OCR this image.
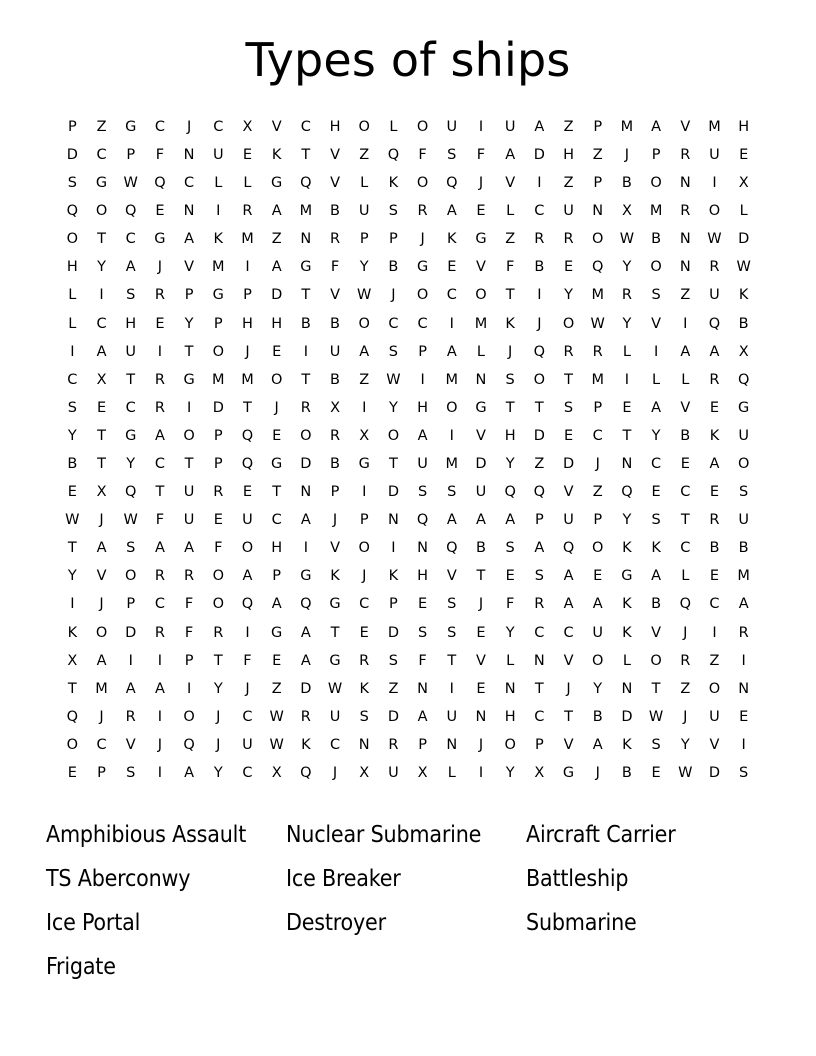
Types of ships
P	Z	G	C	J	C	X	V	C	H	O	L	O	U	I	U	A	Z	P	M	A	V	M	H
D	C	P	F	N	U	E	K	T	V	Z	Q	F	S	F	A	D	H	Z	J	P	R	U	E
S	G	W	Q	C	L	L	G	Q	V	L	K	O	Q	J	V	I	Z	P	B	O	N	I	X
Q	O	Q	E	N	I	R	A	M	B	U	S	R	A	E	L	C	U	N	X	M	R	O	L
O	T	C	G	A	K	M	Z	N	R	P	P	J	K	G	Z	R	R	O	W	B	N	W	D
H	Y	A	J	V	M	I	A	G	F	Y	B	G	E	V	F	B	E	Q	Y	O	N	R	W
L	I	S	R	P	G	P	D	T	V	W	J	O	C	O	T	I	Y	M	R	S	Z	U	K
L	C	H	E	Y	P	H	H	B	B	O	C	C	I	M	K	J	O	W	Y	V	I	Q	B
I	A	U	I	T	O	J	E	I	U	A	S	P	A	L	J	Q	R	R	L	I	A	A	X
C	X	T	R	G	M	M	O	T	B	Z	W	I	M	N	S	O	T	M	I	L	L	R	Q
S	E	C	R	I	D	T	J	R	X	I	Y	H	O	G	T	T	S	P	E	A	V	E	G
Y	T	G	A	O	P	Q	E	O	R	X	O	A	I	V	H	D	E	C	T	Y	B	K	U
B	T	Y	C	T	P	Q	G	D	B	G	T	U	M	D	Y	Z	D	J	N	C	E	A	O
E	X	Q	T	U	R	E	T	N	P	I	D	S	S	U	Q	Q	V	Z	Q	E	C	E	S
W	J	W	F	U	E	U	C	A	J	P	N	Q	A	A	A	P	U	P	Y	S	T	R	U
T	A	S	A	A	F	O	H	I	V	O	I	N	Q	B	S	A	Q	O	K	K	C	B	B
Y	V	O	R	R	O	A	P	G	K	J	K	H	V	T	E	S	A	E	G	A	L	E	M
I	J	P	C	F	O	Q	A	Q	G	C	P	E	S	J	F	R	A	A	K	B	Q	C	A
K	O	D	R	F	R	I	G	A	T	E	D	S	S	E	Y	C	C	U	K	V	J	I	R
X	A	I	I	P	T	F	E	A	G	R	S	F	T	V	L	N	V	O	L	O	R	Z	I
T	M	A	A	I	Y	J	Z	D	W	K	Z	N	I	E	N	T	J	Y	N	T	Z	O	N
Q	J	R	I	O	J	C	W	R	U	S	D	A	U	N	H	C	T	B	D	W	J	U	E
O	C	V	J	Q	J	U	W	K	C	N	R	P	N	J	O	P	V	A	K	S	Y	V	I
E	P	S	I	A	Y	C	X	Q	J	X	U	X	L	I	Y	X	G	J	B	E	W	D	S
Amphibious Assault	Nuclear Submarine	Aircraft Carrier
TS Aberconwy	Ice Breaker	Battleship
Ice Portal	Destroyer	Submarine
Frigate
